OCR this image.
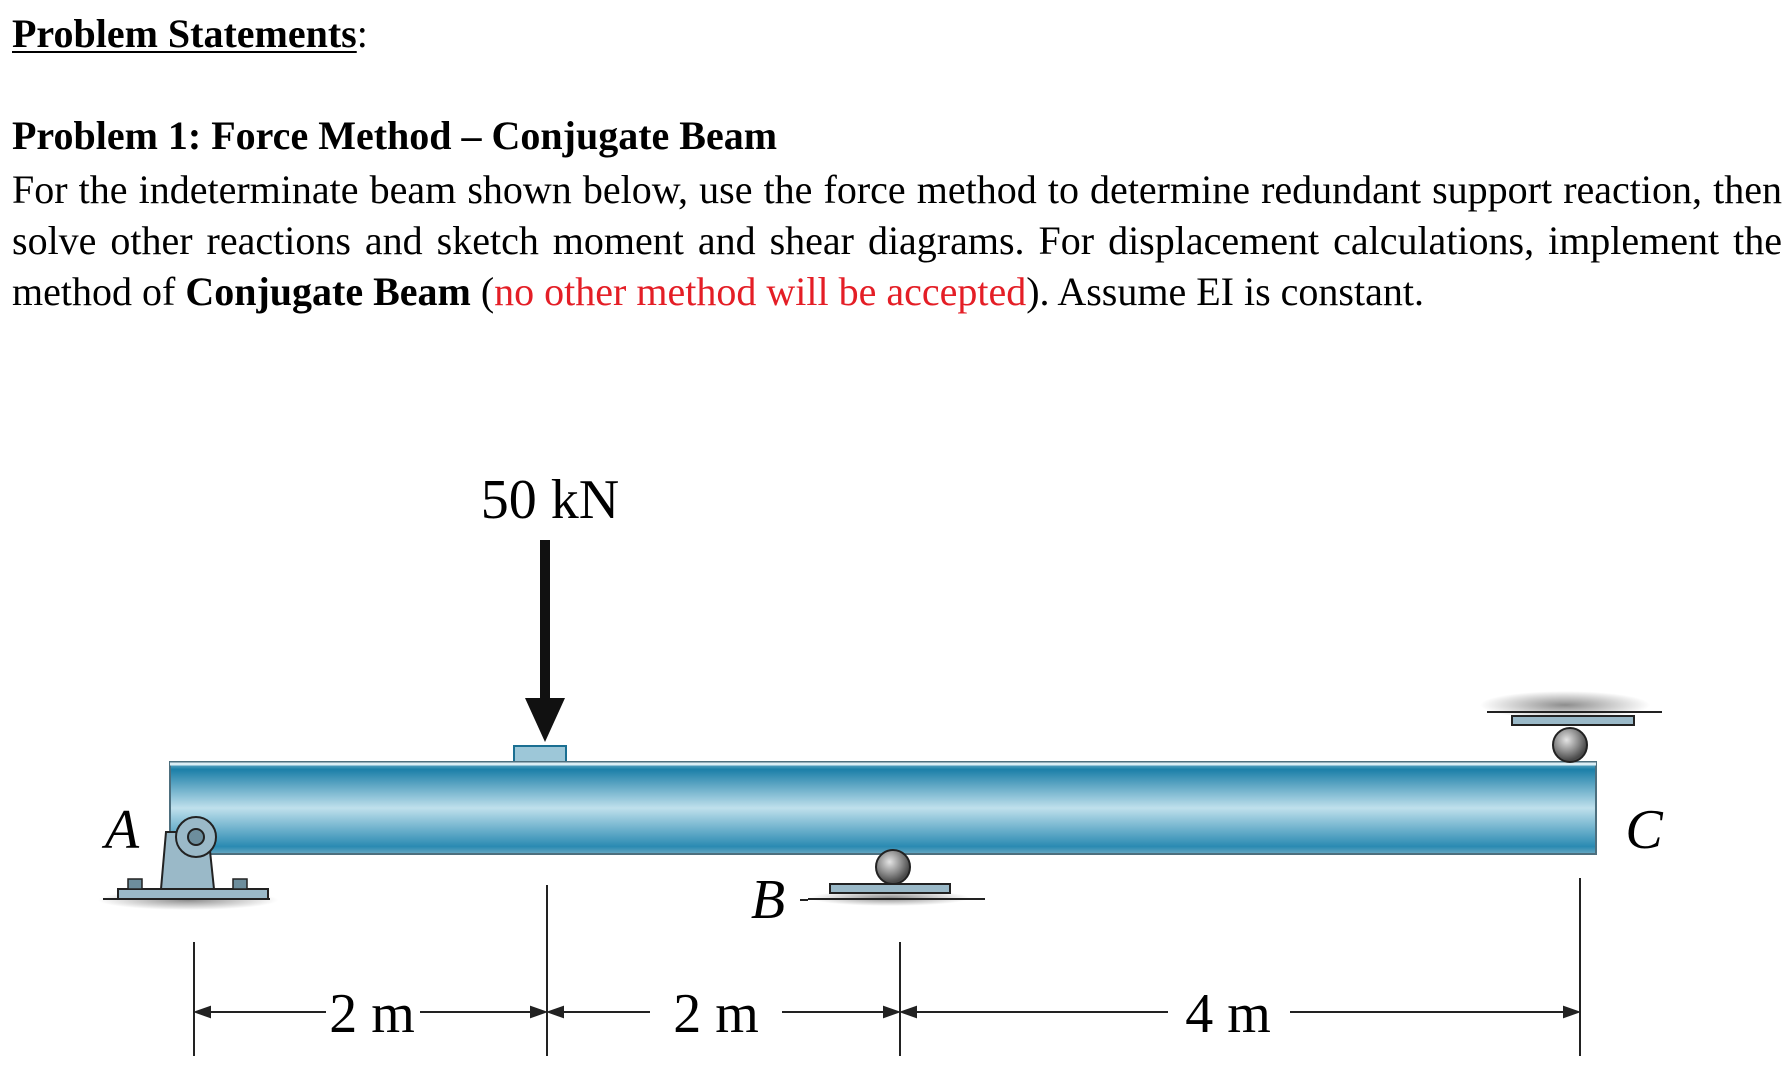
Problem Statements:
Problem 1: Force Method – Conjugate Beam
For the indeterminate beam shown below, use the force method to determine redundant support reaction, then solve other reactions and sketch moment and shear diagrams. For displacement calculations, implement the method of Conjugate Beam (no other method will be accepted). Assume EI is constant.
50 kN
A
B
C
2 m	2 m	4 m
